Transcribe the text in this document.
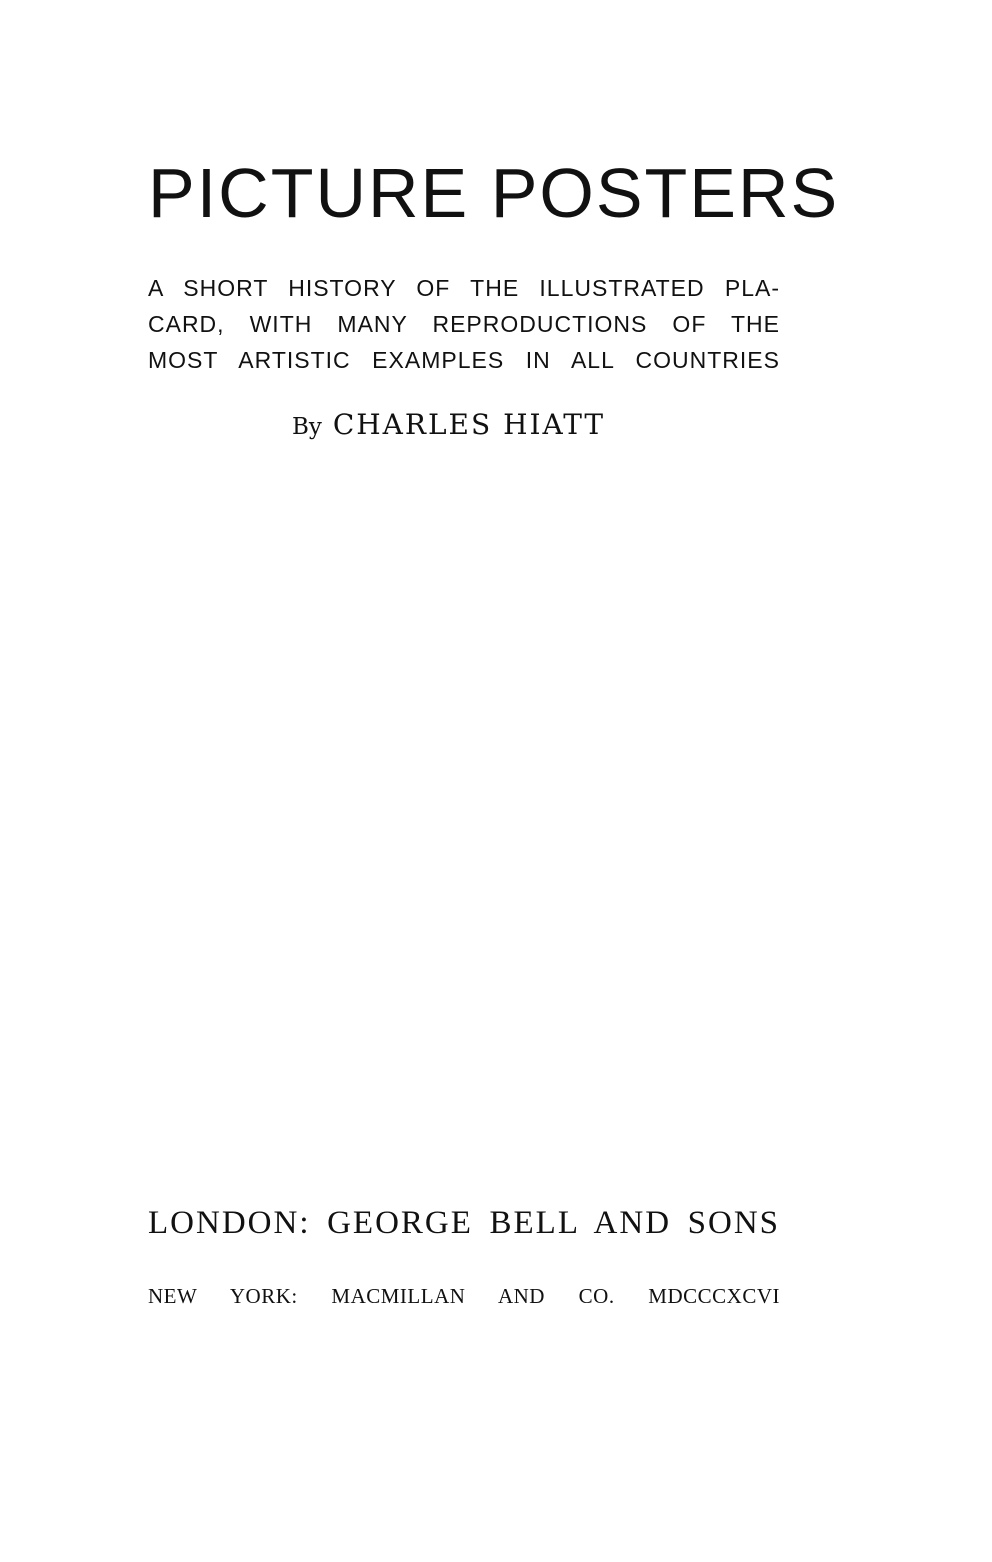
PICTURE POSTERS
A SHORT HISTORY OF THE ILLUSTRATED PLA-
CARD, WITH MANY REPRODUCTIONS OF THE
MOST ARTISTIC EXAMPLES IN ALL COUNTRIES
By CHARLES HIATT
LONDON: GEORGE BELL AND SONS
NEW YORK: MACMILLAN AND CO. MDCCCXCVI
